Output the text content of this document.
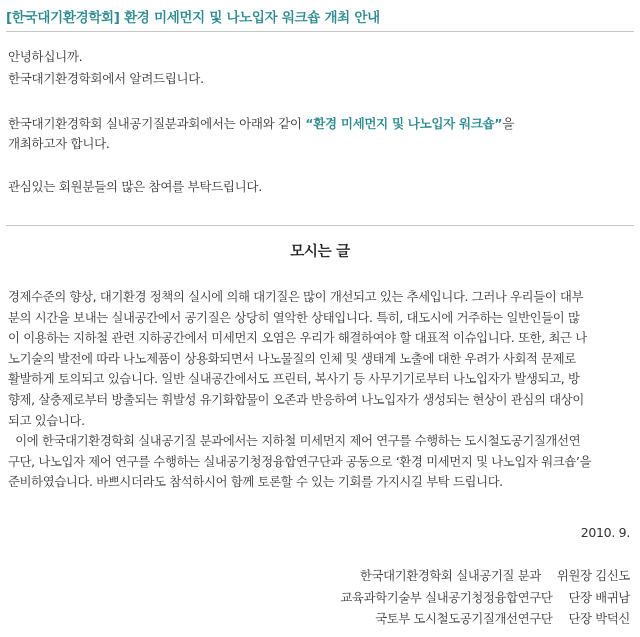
[한국대기환경학회] 환경 미세먼지 및 나노입자 워크숍 개최 안내
안녕하십니까.
한국대기환경학회에서 알려드립니다.
한국대기환경학회 실내공기질분과회에서는 아래와 같이 “환경 미세먼지 및 나노입자 워크숍”을
개최하고자 합니다.
관심있는 회원분들의 많은 참여를 부탁드립니다.
모시는 글
경제수준의 향상, 대기환경 정책의 실시에 의해 대기질은 많이 개선되고 있는 추세입니다. 그러나 우리들이 대부
분의 시간을 보내는 실내공간에서 공기질은 상당히 열악한 상태입니다. 특히, 대도시에 거주하는 일반인들이 많
이 이용하는 지하철 관련 지하공간에서 미세먼지 오염은 우리가 해결하여야 할 대표적 이슈입니다. 또한, 최근 나
노기술의 발전에 따라 나노제품이 상용화되면서 나노물질의 인체 및 생태계 노출에 대한 우려가 사회적 문제로
활발하게 토의되고 있습니다. 일반 실내공간에서도 프린터, 복사기 등 사무기기로부터 나노입자가 발생되고, 방
향제, 살충제로부터 방출되는 휘발성 유기화합물이 오존과 반응하여 나노입자가 생성되는 현상이 관심의 대상이
되고 있습니다.
이에 한국대기환경학회 실내공기질 분과에서는 지하철 미세먼지 제어 연구를 수행하는 도시철도공기질개선연
구단, 나노입자 제어 연구를 수행하는 실내공기청정융합연구단과 공동으로 ‘환경 미세먼지 및 나노입자 워크숍’을
준비하였습니다. 바쁘시더라도 참석하시어 함께 토론할 수 있는 기회를 가지시길 부탁 드립니다.
2010. 9.
한국대기환경학회 실내공기질 분과 위원장 김신도
교육과학기술부 실내공기청정융합연구단 단장 배귀남
국토부 도시철도공기질개선연구단 단장 박덕신
